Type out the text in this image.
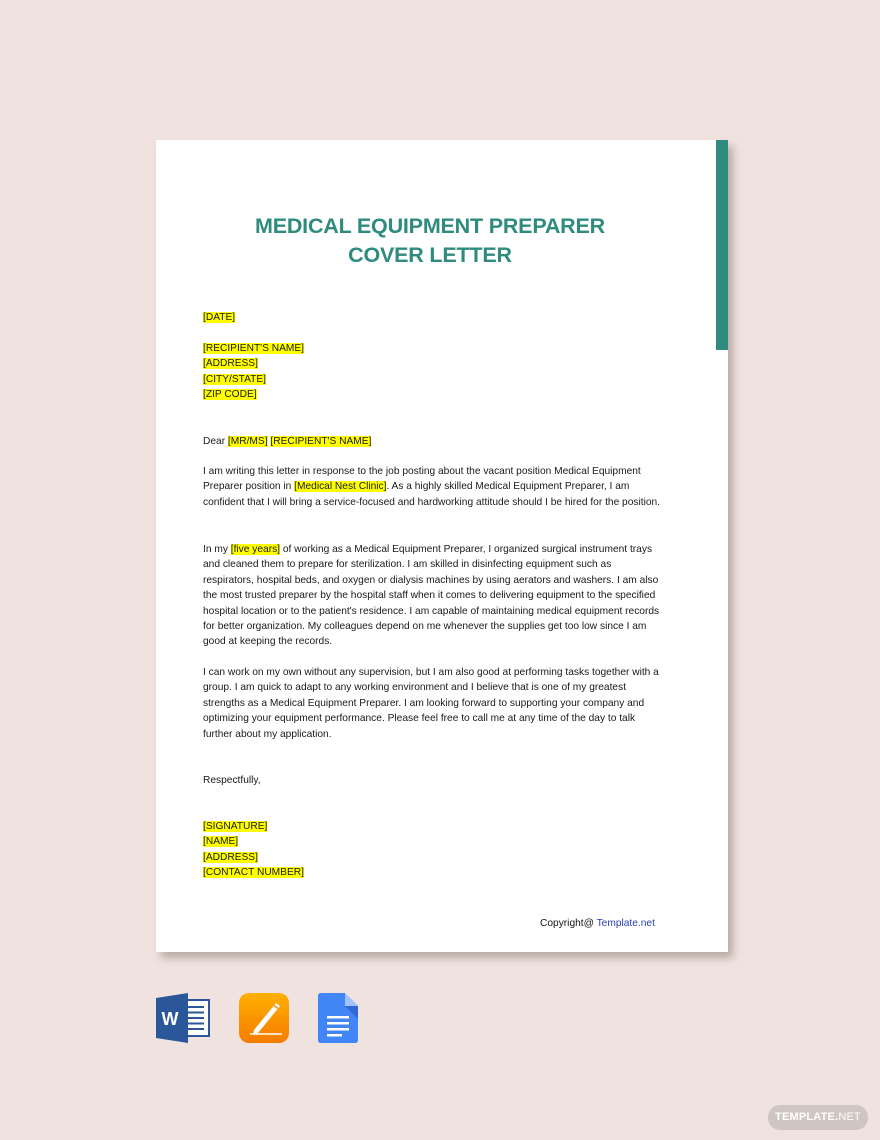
MEDICAL EQUIPMENT PREPARER
COVER LETTER
[DATE]
[RECIPIENT'S NAME]
[ADDRESS]
[CITY/STATE]
[ZIP CODE]
Dear [MR/MS] [RECIPIENT'S NAME]

I am writing this letter in response to the job posting about the vacant position Medical Equipment Preparer position in [Medical Nest Clinic]. As a highly skilled Medical Equipment Preparer, I am confident that I will bring a service-focused and hardworking attitude should I be hired for the position.

In my [five years] of working as a Medical Equipment Preparer, I organized surgical instrument trays and cleaned them to prepare for sterilization. I am skilled in disinfecting equipment such as respirators, hospital beds, and oxygen or dialysis machines by using aerators and washers. I am also the most trusted preparer by the hospital staff when it comes to delivering equipment to the specified hospital location or to the patient's residence. I am capable of maintaining medical equipment records for better organization. My colleagues depend on me whenever the supplies get too low since I am good at keeping the records.

I can work on my own without any supervision, but I am also good at performing tasks together with a group. I am quick to adapt to any working environment and I believe that is one of my greatest strengths as a Medical Equipment Preparer. I am looking forward to supporting your company and optimizing your equipment performance. Please feel free to call me at any time of the day to talk further about my application.

Respectfully,
[SIGNATURE]
[NAME]
[ADDRESS]
[CONTACT NUMBER]
Copyright@ Template.net
W
TEMPLATE.NET
